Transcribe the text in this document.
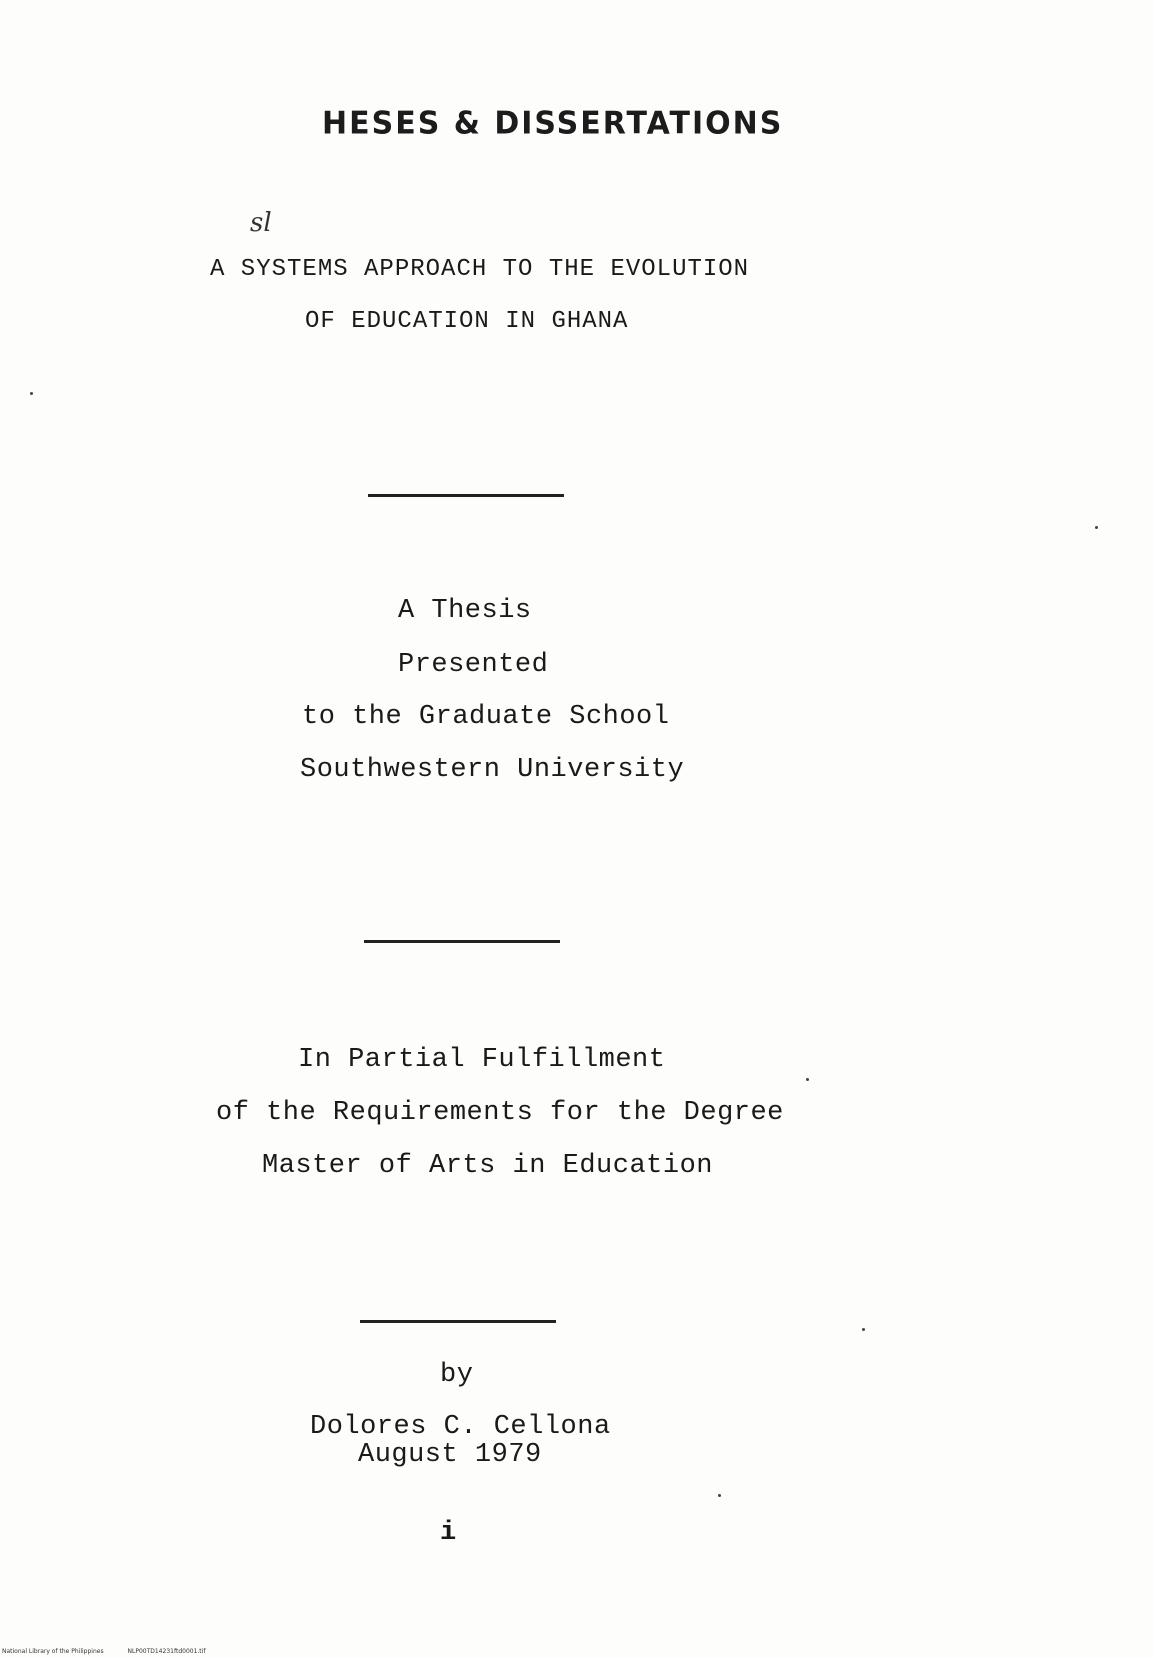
HESES & DISSERTATIONS
sl
A SYSTEMS APPROACH TO THE EVOLUTION
OF EDUCATION IN GHANA
A Thesis
Presented
to the Graduate School
Southwestern University
In Partial Fulfillment
of the Requirements for the Degree
Master of Arts in Education
by
Dolores C. Cellona
August 1979
i
National Library of the Philippines	NLP00TD14231ftd0001.tif
